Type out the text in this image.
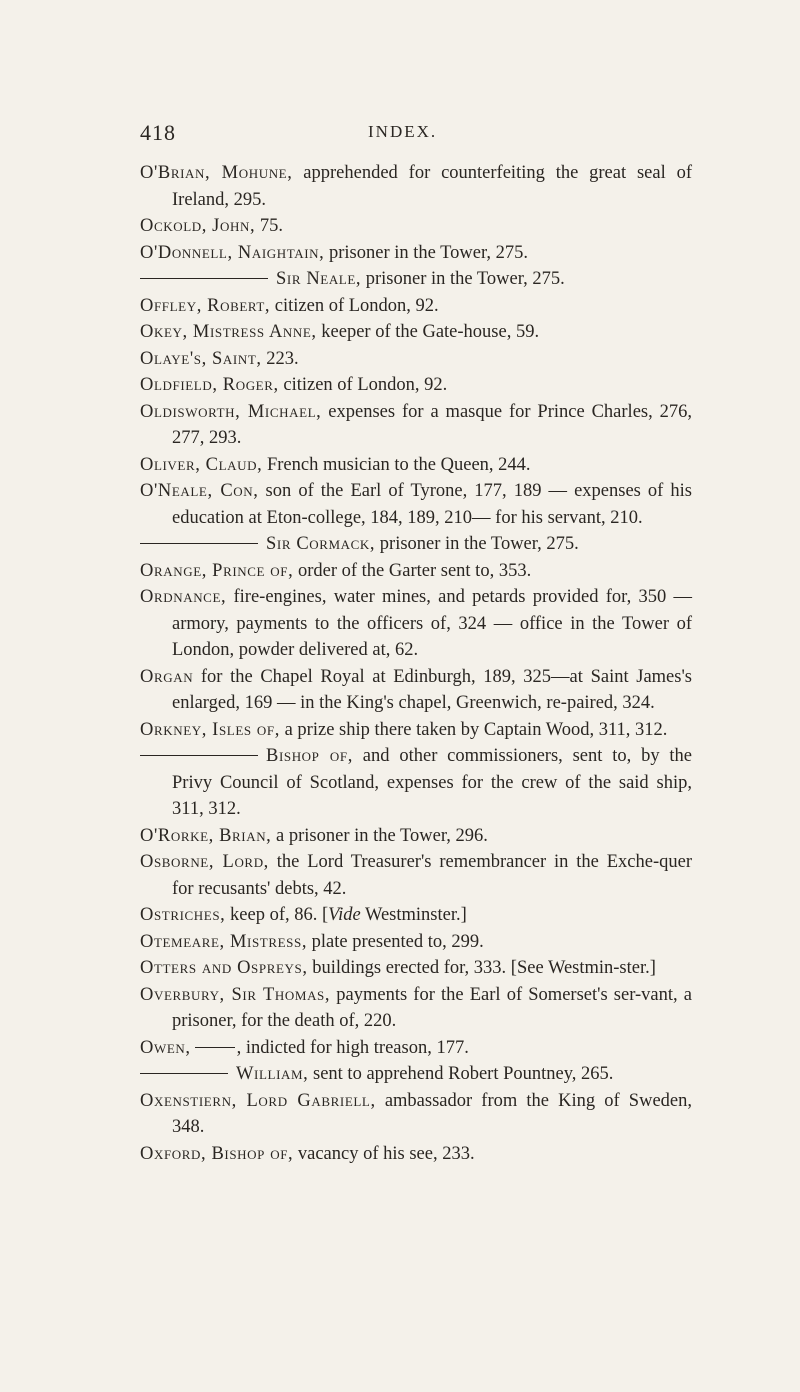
418	INDEX.
O'Brian, Mohune, apprehended for counterfeiting the great seal of Ireland, 295.
Ockold, John, 75.
O'Donnell, Naightain, prisoner in the Tower, 275.
Sir Neale, prisoner in the Tower, 275.
Offley, Robert, citizen of London, 92.
Okey, Mistress Anne, keeper of the Gate-house, 59.
Olaye's, Saint, 223.
Oldfield, Roger, citizen of London, 92.
Oldisworth, Michael, expenses for a masque for Prince Charles, 276, 277, 293.
Oliver, Claud, French musician to the Queen, 244.
O'Neale, Con, son of the Earl of Tyrone, 177, 189 — expenses of his education at Eton-college, 184, 189, 210— for his servant, 210.
Sir Cormack, prisoner in the Tower, 275.
Orange, Prince of, order of the Garter sent to, 353.
Ordnance, fire-engines, water mines, and petards provided for, 350 — armory, payments to the officers of, 324 — office in the Tower of London, powder delivered at, 62.
Organ for the Chapel Royal at Edinburgh, 189, 325—at Saint James's enlarged, 169 — in the King's chapel, Greenwich, re-paired, 324.
Orkney, Isles of, a prize ship there taken by Captain Wood, 311, 312.
Bishop of, and other commissioners, sent to, by the Privy Council of Scotland, expenses for the crew of the said ship, 311, 312.
O'Rorke, Brian, a prisoner in the Tower, 296.
Osborne, Lord, the Lord Treasurer's remembrancer in the Exche-quer for recusants' debts, 42.
Ostriches, keep of, 86. [Vide Westminster.]
Otemeare, Mistress, plate presented to, 299.
Otters and Ospreys, buildings erected for, 333. [See Westmin-ster.]
Overbury, Sir Thomas, payments for the Earl of Somerset's ser-vant, a prisoner, for the death of, 220.
Owen, , indicted for high treason, 177.
William, sent to apprehend Robert Pountney, 265.
Oxenstiern, Lord Gabriell, ambassador from the King of Sweden, 348.
Oxford, Bishop of, vacancy of his see, 233.
